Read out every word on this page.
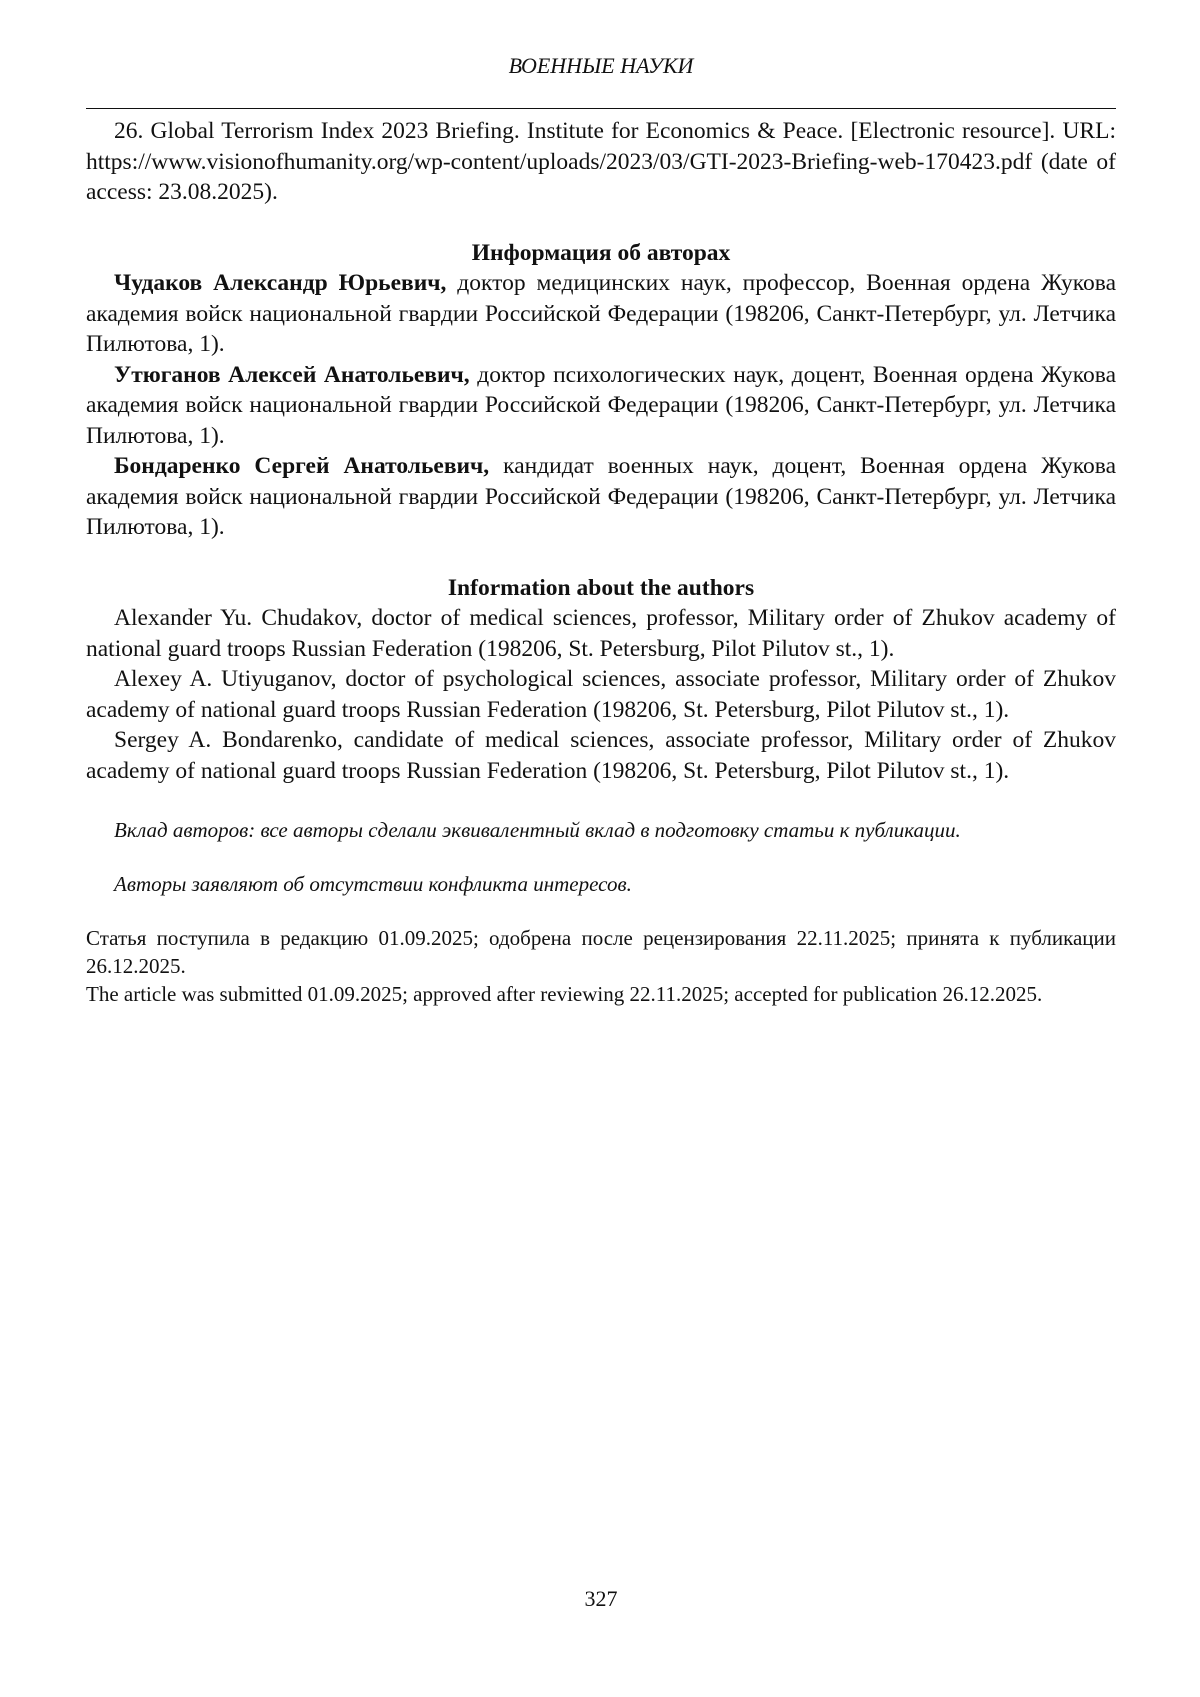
ВОЕННЫЕ НАУКИ

26. Global Terrorism Index 2023 Briefing. Institute for Economics & Peace. [Electronic resource]. URL: https://www.visionofhumanity.org/wp-content/uploads/2023/03/GTI-2023-Briefing-web-170423.pdf (date of access: 23.08.2025).

Информация об авторах

Чудаков Александр Юрьевич, доктор медицинских наук, профессор, Военная ордена Жукова академия войск национальной гвардии Российской Федерации (198206, Санкт-Петербург, ул. Летчика Пилютова, 1).

Утюганов Алексей Анатольевич, доктор психологических наук, доцент, Военная ордена Жукова академия войск национальной гвардии Российской Федерации (198206, Санкт-Петербург, ул. Летчика Пилютова, 1).

Бондаренко Сергей Анатольевич, кандидат военных наук, доцент, Военная ордена Жукова академия войск национальной гвардии Российской Федерации (198206, Санкт-Петербург, ул. Летчика Пилютова, 1).

Information about the authors

Alexander Yu. Chudakov, doctor of medical sciences, professor, Military order of Zhukov academy of national guard troops Russian Federation (198206, St. Petersburg, Pilot Pilutov st., 1).

Alexey A. Utiyuganov, doctor of psychological sciences, associate professor, Military order of Zhukov academy of national guard troops Russian Federation (198206, St. Petersburg, Pilot Pilutov st., 1).

Sergey A. Bondarenko, candidate of medical sciences, associate professor, Military order of Zhukov academy of national guard troops Russian Federation (198206, St. Petersburg, Pilot Pilutov st., 1).

Вклад авторов: все авторы сделали эквивалентный вклад в подготовку статьи к публикации.

Авторы заявляют об отсутствии конфликта интересов.

Статья поступила в редакцию 01.09.2025; одобрена после рецензирования 22.11.2025; принята к публикации 26.12.2025.

The article was submitted 01.09.2025; approved after reviewing 22.11.2025; accepted for publication 26.12.2025.

327
